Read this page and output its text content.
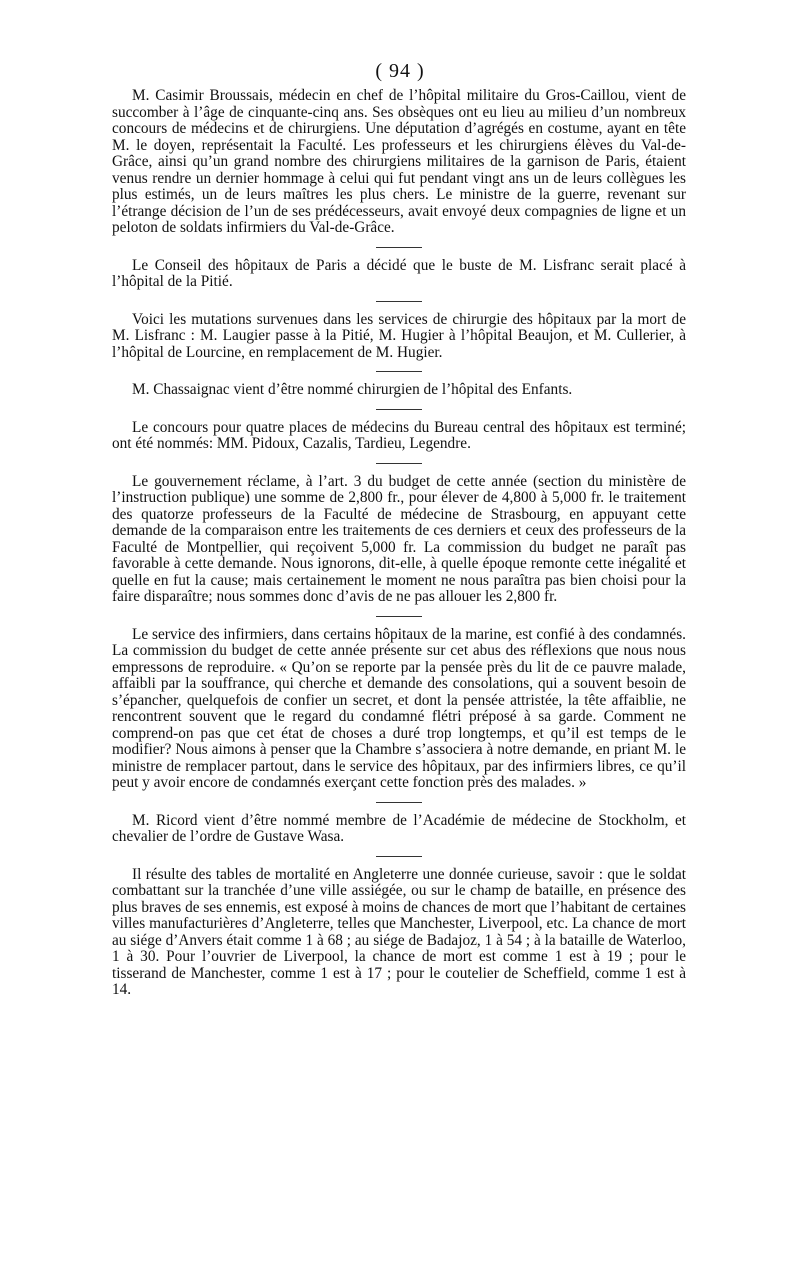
( 94 )

M. Casimir Broussais, médecin en chef de l’hôpital militaire du Gros-Caillou, vient de succomber à l’âge de cinquante-cinq ans. Ses obsèques ont eu lieu au milieu d’un nombreux concours de médecins et de chirurgiens. Une députation d’agrégés en costume, ayant en tête M. le doyen, représentait la Faculté. Les professeurs et les chirurgiens élèves du Val-de-Grâce, ainsi qu’un grand nombre des chirurgiens militaires de la garnison de Paris, étaient venus rendre un dernier hommage à celui qui fut pendant vingt ans un de leurs collègues les plus estimés, un de leurs maîtres les plus chers. Le ministre de la guerre, revenant sur l’étrange décision de l’un de ses prédécesseurs, avait envoyé deux compagnies de ligne et un peloton de soldats infirmiers du Val-de-Grâce.

Le Conseil des hôpitaux de Paris a décidé que le buste de M. Lisfranc serait placé à l’hôpital de la Pitié.

Voici les mutations survenues dans les services de chirurgie des hôpitaux par la mort de M. Lisfranc : M. Laugier passe à la Pitié, M. Hugier à l’hôpital Beaujon, et M. Cullerier, à l’hôpital de Lourcine, en remplacement de M. Hugier.

M. Chassaignac vient d’être nommé chirurgien de l’hôpital des Enfants.

Le concours pour quatre places de médecins du Bureau central des hôpitaux est terminé; ont été nommés: MM. Pidoux, Cazalis, Tardieu, Legendre.

Le gouvernement réclame, à l’art. 3 du budget de cette année (section du ministère de l’instruction publique) une somme de 2,800 fr., pour élever de 4,800 à 5,000 fr. le traitement des quatorze professeurs de la Faculté de médecine de Strasbourg, en appuyant cette demande de la comparaison entre les traitements de ces derniers et ceux des professeurs de la Faculté de Montpellier, qui reçoivent 5,000 fr. La commission du budget ne paraît pas favorable à cette demande. Nous ignorons, dit-elle, à quelle époque remonte cette inégalité et quelle en fut la cause; mais certainement le moment ne nous paraîtra pas bien choisi pour la faire disparaître; nous sommes donc d’avis de ne pas allouer les 2,800 fr.

Le service des infirmiers, dans certains hôpitaux de la marine, est confié à des condamnés. La commission du budget de cette année présente sur cet abus des réflexions que nous nous empressons de reproduire. « Qu’on se reporte par la pensée près du lit de ce pauvre malade, affaibli par la souffrance, qui cherche et demande des consolations, qui a souvent besoin de s’épancher, quelquefois de confier un secret, et dont la pensée attristée, la tête affaiblie, ne rencontrent souvent que le regard du condamné flétri préposé à sa garde. Comment ne comprend-on pas que cet état de choses a duré trop longtemps, et qu’il est temps de le modifier? Nous aimons à penser que la Chambre s’associera à notre demande, en priant M. le ministre de remplacer partout, dans le service des hôpitaux, par des infirmiers libres, ce qu’il peut y avoir encore de condamnés exerçant cette fonction près des malades. »

M. Ricord vient d’être nommé membre de l’Académie de médecine de Stockholm, et chevalier de l’ordre de Gustave Wasa.

Il résulte des tables de mortalité en Angleterre une donnée curieuse, savoir : que le soldat combattant sur la tranchée d’une ville assiégée, ou sur le champ de bataille, en présence des plus braves de ses ennemis, est exposé à moins de chances de mort que l’habitant de certaines villes manufacturières d’Angleterre, telles que Manchester, Liverpool, etc. La chance de mort au siége d’Anvers était comme 1 à 68 ; au siége de Badajoz, 1 à 54 ; à la bataille de Waterloo, 1 à 30. Pour l’ouvrier de Liverpool, la chance de mort est comme 1 est à 19 ; pour le tisserand de Manchester, comme 1 est à 17 ; pour le coutelier de Scheffield, comme 1 est à 14.
